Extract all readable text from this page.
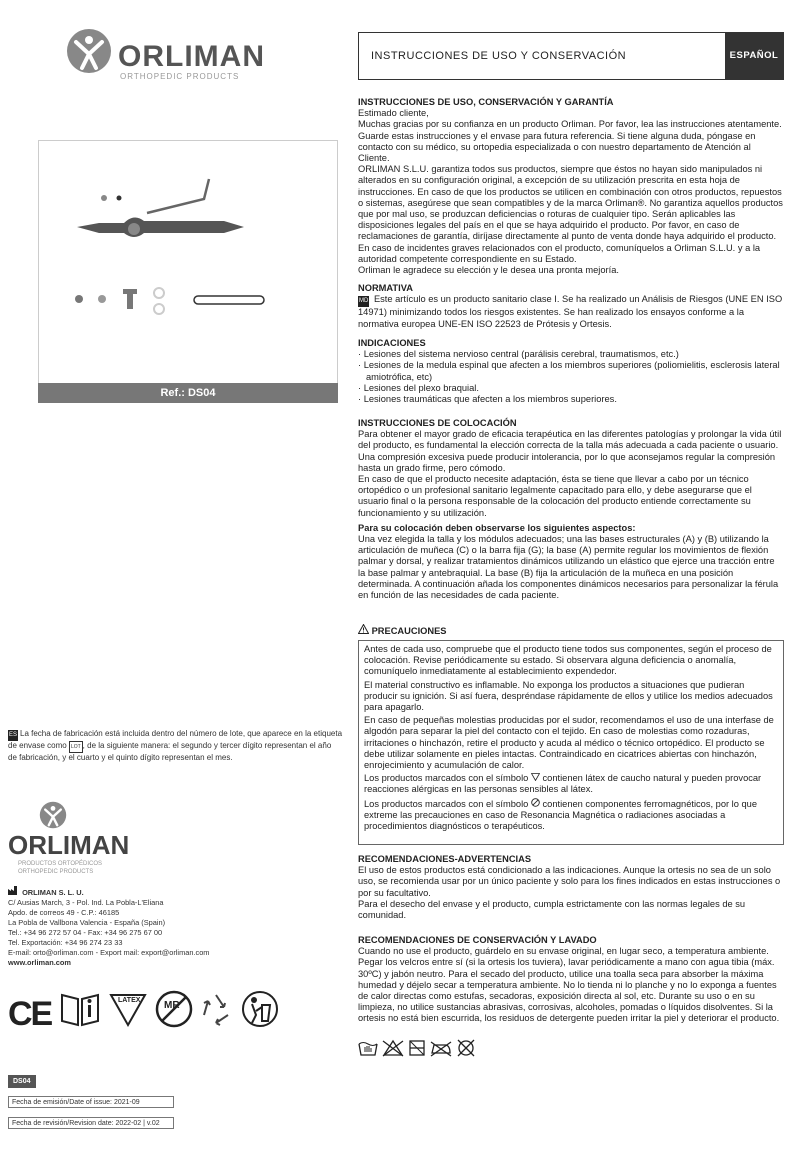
ORLIMAN
ORTHOPEDIC PRODUCTS
Ref.: DS04
ES La fecha de fabricación está incluida dentro del número de lote, que aparece en la etiqueta de envase como LOT , de la siguiente manera: el segundo y tercer dígito representan el año de fabricación, y el cuarto y el quinto dígito representan el mes.
ORLIMAN
PRODUCTOS ORTOPÉDICOS
ORTHOPEDIC PRODUCTS
ORLIMAN S. L. U.
C/ Ausias March, 3 - Pol. Ind. La Pobla-L'Eliana
Apdo. de correos 49 - C.P.: 46185
La Pobla de Vallbona Valencia - España (Spain)
Tel.: +34 96 272 57 04 - Fax: +34 96 275 67 00
Tel. Exportación: +34 96 274 23 33
E-mail: orto@orliman.com - Export mail: export@orliman.com
www.orliman.com
CE	LATEX MR
DS04
Fecha de emisión/Date of issue: 2021-09
Fecha de revisión/Revision date: 2022-02 | v.02
INSTRUCCIONES DE USO Y CONSERVACIÓN	ESPAÑOL
INSTRUCCIONES DE USO, CONSERVACIÓN Y GARANTÍA

Estimado cliente,

Muchas gracias por su confianza en un producto Orliman. Por favor, lea las instrucciones atentamente. Guarde estas instrucciones y el envase para futura referencia. Si tiene alguna duda, póngase en contacto con su médico, su ortopedia especializada o con nuestro departamento de Atención al Cliente.

ORLIMAN S.L.U. garantiza todos sus productos, siempre que éstos no hayan sido manipulados ni alterados en su configuración original, a excepción de su utilización prescrita en esta hoja de instrucciones. En caso de que los productos se utilicen en combinación con otros productos, repuestos o sistemas, asegúrese que sean compatibles y de la marca Orliman®. No garantiza aquellos productos que por mal uso, se produzcan deficiencias o roturas de cualquier tipo. Serán aplicables las disposiciones legales del país en el que se haya adquirido el producto. Por favor, en caso de reclamaciones de garantía, diríjase directamente al punto de venta donde haya adquirido el producto. En caso de incidentes graves relacionados con el producto, comuníquelos a Orliman S.L.U. y a la autoridad competente correspondiente en su Estado.

Orliman le agradece su elección y le desea una pronta mejoría.

NORMATIVA

MD Este artículo es un producto sanitario clase I. Se ha realizado un Análisis de Riesgos (UNE EN ISO 14971) minimizando todos los riesgos existentes. Se han realizado los ensayos conforme a la normativa europea UNE-EN ISO 22523 de Prótesis y Ortesis.

INDICACIONES

· Lesiones del sistema nervioso central (parálisis cerebral, traumatismos, etc.)

· Lesiones de la medula espinal que afecten a los miembros superiores (poliomielitis, esclerosis lateral amiotrófica, etc)

· Lesiones del plexo braquial.

· Lesiones traumáticas que afecten a los miembros superiores.

INSTRUCCIONES DE COLOCACIÓN

Para obtener el mayor grado de eficacia terapéutica en las diferentes patologías y prolongar la vida útil del producto, es fundamental la elección correcta de la talla más adecuada a cada paciente o usuario. Una compresión excesiva puede producir intolerancia, por lo que aconsejamos regular la compresión hasta un grado firme, pero cómodo.

En caso de que el producto necesite adaptación, ésta se tiene que llevar a cabo por un técnico ortopédico o un profesional sanitario legalmente capacitado para ello, y debe asegurarse que el usuario final o la persona responsable de la colocación del producto entiende correctamente su funcionamiento y su utilización.

Para su colocación deben observarse los siguientes aspectos:

Una vez elegida la talla y los módulos adecuados; una las bases estructurales (A) y (B) utilizando la articulación de muñeca (C) o la barra fija (G); la base (A) permite regular los movimientos de flexión palmar y dorsal, y realizar tratamientos dinámicos utilizando un elástico que ejerce una tracción entre la base palmar y antebraquial. La base (B) fija la articulación de la muñeca en una posición determinada. A continuación añada los componentes dinámicos necesarios para personalizar la férula en función de las necesidades de cada paciente.

PRECAUCIONES

Antes de cada uso, compruebe que el producto tiene todos sus componentes, según el proceso de colocación. Revise periódicamente su estado. Si observara alguna deficiencia o anomalía, comuníquelo inmediatamente al establecimiento expendedor.

El material constructivo es inflamable. No exponga los productos a situaciones que pudieran producir su ignición. Si así fuera, despréndase rápidamente de ellos y utilice los medios adecuados para apagarlo.

En caso de pequeñas molestias producidas por el sudor, recomendamos el uso de una interfase de algodón para separar la piel del contacto con el tejido. En caso de molestias como rozaduras, irritaciones o hinchazón, retire el producto y acuda al médico o técnico ortopédico. El producto se debe utilizar solamente en pieles intactas. Contraindicado en cicatrices abiertas con hinchazón, enrojecimiento y acumulación de calor.

Los productos marcados con el símbolo contienen látex de caucho natural y pueden provocar reacciones alérgicas en las personas sensibles al látex.

Los productos marcados con el símbolo contienen componentes ferromagnéticos, por lo que extreme las precauciones en caso de Resonancia Magnética o radiaciones asociadas a procedimientos diagnósticos o terapéuticos.

RECOMENDACIONES-ADVERTENCIAS

El uso de estos productos está condicionado a las indicaciones. Aunque la ortesis no sea de un solo uso, se recomienda usar por un único paciente y solo para los fines indicados en estas instrucciones o por su facultativo.

Para el desecho del envase y el producto, cumpla estrictamente con las normas legales de su comunidad.

RECOMENDACIONES DE CONSERVACIÓN Y LAVADO

Cuando no use el producto, guárdelo en su envase original, en lugar seco, a temperatura ambiente. Pegar los velcros entre sí (si la ortesis los tuviera), lavar periódicamente a mano con agua tibia (máx. 30ºC) y jabón neutro. Para el secado del producto, utilice una toalla seca para absorber la máxima humedad y déjelo secar a temperatura ambiente. No lo tienda ni lo planche y no lo exponga a fuentes de calor directas como estufas, secadoras, exposición directa al sol, etc. Durante su uso o en su limpieza, no utilice sustancias abrasivas, corrosivas, alcoholes, pomadas o líquidos disolventes. Si la ortesis no está bien escurrida, los residuos de detergente pueden irritar la piel y deteriorar el producto.
